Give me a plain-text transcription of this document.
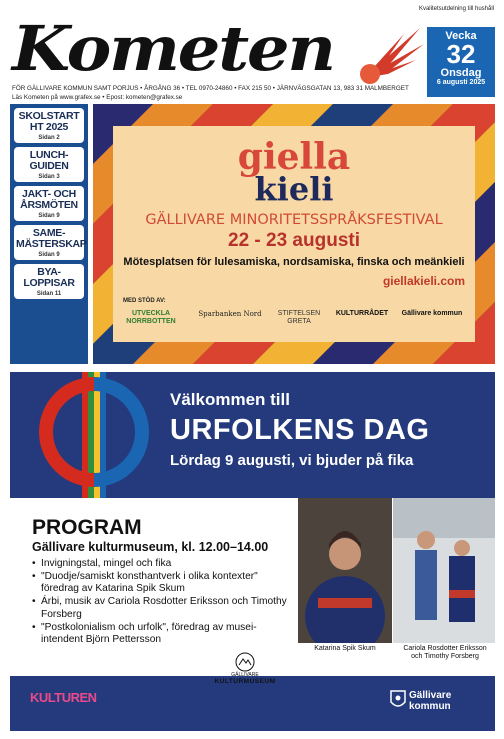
Kvalitetsutdelning till hushåll
Kometen	Vecka
32
Onsdag
6 augusti 2025
FÖR GÄLLIVARE KOMMUN SAMT PORJUS • ÅRGÅNG 36 • TEL 0970-24860 • FAX 215 50 • JÄRNVÄGSGATAN 13, 983 31 MALMBERGET
Läs Kometen på www.grafex.se • Epost: kometen@grafex.se
SKOLSTART HT 2025
Sidan 2
LUNCH-GUIDEN
Sidan 3
JAKT- OCH ÅRSMÖTEN
Sidan 9
SAME-MÄSTERSKAP
Sidan 9
BYA-LOPPISAR
Sidan 11
giella
kieli
GÄLLIVARE MINORITETSSPRÅKSFESTIVAL
22 - 23 augusti
Mötesplatsen för lulesamiska, nordsamiska, finska och meänkieli
giellakieli.com
MED STÖD AV:
UTVECKLA NORRBOTTEN
Sparbanken Nord	STIFTELSEN GRETA
KULTURRÅDET	Gällivare kommun
Välkommen till
URFOLKENS DAG
Lördag 9 augusti, vi bjuder på fika
PROGRAM
Gällivare kulturmuseum, kl. 12.00–14.00
• Invigningstal, mingel och fika
• "Duodje/samiskt konsthantverk i olika kontexter" föredrag av Katarina Spik Skum
• Árbi, musik av Cariola Rosdotter Eriksson och Timothy Forsberg
• "Postkolonialism och urfolk", föredrag av musei-intendent Björn Pettersson
Katarina Spik Skum	Cariola Rosdotter Eriksson och Timothy Forsberg
GÄLLIVARE
KULTURMUSEUM
KULTUREN	Gällivare
kommun
